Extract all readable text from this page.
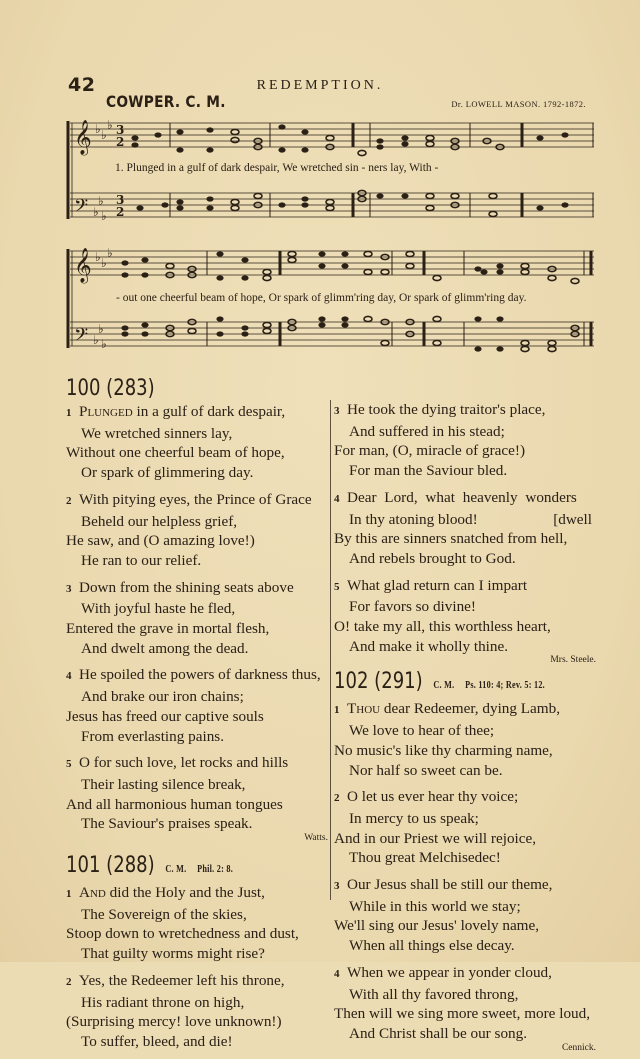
42	REDEMPTION.
COWPER. C. M.	Dr. LOWELL MASON. 1792-1872.
𝄞
𝄢
𝄞
𝄢
♭ ♭
♭
♭
♭ ♭
♭ ♭
♭
♭
♭ ♭
3
2
3
2
1. Plunged in a gulf of dark despair, We wretched sin - ners lay, With -
- out one cheerful beam of hope, Or spark of glimm'ring day, Or spark of glimm'ring day.
100 (283)
1 Plunged in a gulf of dark despair,
We wretched sinners lay,
Without one cheerful beam of hope,
Or spark of glimmering day.
2 With pitying eyes, the Prince of Grace
Beheld our helpless grief,
He saw, and (O amazing love!)
He ran to our relief.
3 Down from the shining seats above
With joyful haste he fled,
Entered the grave in mortal flesh,
And dwelt among the dead.
4 He spoiled the powers of darkness thus,
And brake our iron chains;
Jesus has freed our captive souls
From everlasting pains.
5 O for such love, let rocks and hills
Their lasting silence break,
And all harmonious human tongues
The Saviour's praises speak.
Watts.
101 (288) C. M. Phil. 2: 8.
1 And did the Holy and the Just,
The Sovereign of the skies,
Stoop down to wretchedness and dust,
That guilty worms might rise?
2 Yes, the Redeemer left his throne,
His radiant throne on high,
(Surprising mercy! love unknown!)
To suffer, bleed, and die!
3 He took the dying traitor's place,
And suffered in his stead;
For man, (O, miracle of grace!)
For man the Saviour bled.
4 Dear Lord, what heavenly wonders
In thy atoning blood!	[dwell
By this are sinners snatched from hell,
And rebels brought to God.
5 What glad return can I impart
For favors so divine!
O! take my all, this worthless heart,
And make it wholly thine.
Mrs. Steele.
102 (291) C. M. Ps. 110: 4; Rev. 5: 12.
1 Thou dear Redeemer, dying Lamb,
We love to hear of thee;
No music's like thy charming name,
Nor half so sweet can be.
2 O let us ever hear thy voice;
In mercy to us speak;
And in our Priest we will rejoice,
Thou great Melchisedec!
3 Our Jesus shall be still our theme,
While in this world we stay;
We'll sing our Jesus' lovely name,
When all things else decay.
4 When we appear in yonder cloud,
With all thy favored throng,
Then will we sing more sweet, more loud,
And Christ shall be our song.
Cennick.
